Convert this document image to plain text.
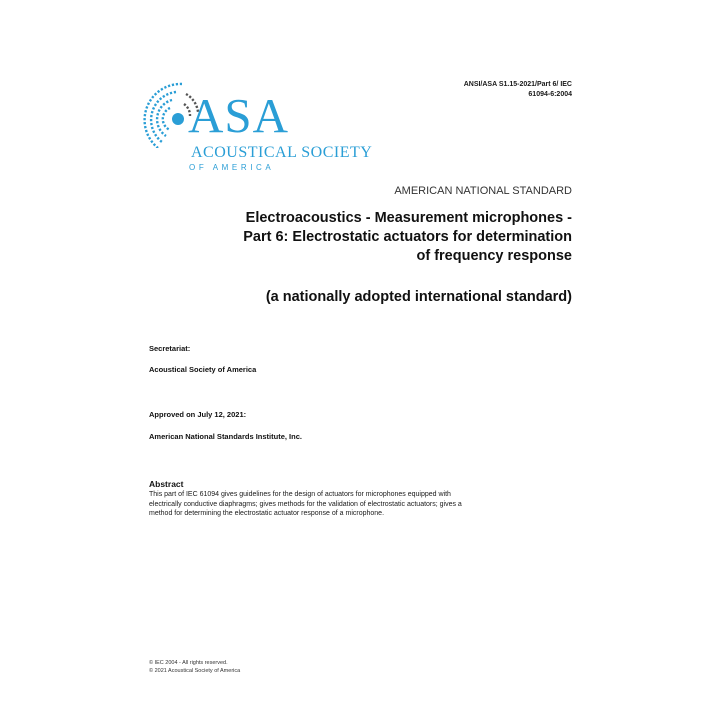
ANSI/ASA S1.15-2021/Part 6/ IEC
61094-6:2004
ASA
ACOUSTICAL SOCIETY
OF AMERICA
AMERICAN NATIONAL STANDARD
Electroacoustics - Measurement microphones -
Part 6: Electrostatic actuators for determination
of frequency response
(a nationally adopted international standard)
Secretariat:
Acoustical Society of America
Approved on July 12, 2021:
American National Standards Institute, Inc.
Abstract
This part of IEC 61094 gives guidelines for the design of actuators for microphones equipped with
electrically conductive diaphragms; gives methods for the validation of electrostatic actuators; gives a
method for determining the electrostatic actuator response of a microphone.
© IEC 2004 - All rights reserved.
© 2021 Acoustical Society of America
